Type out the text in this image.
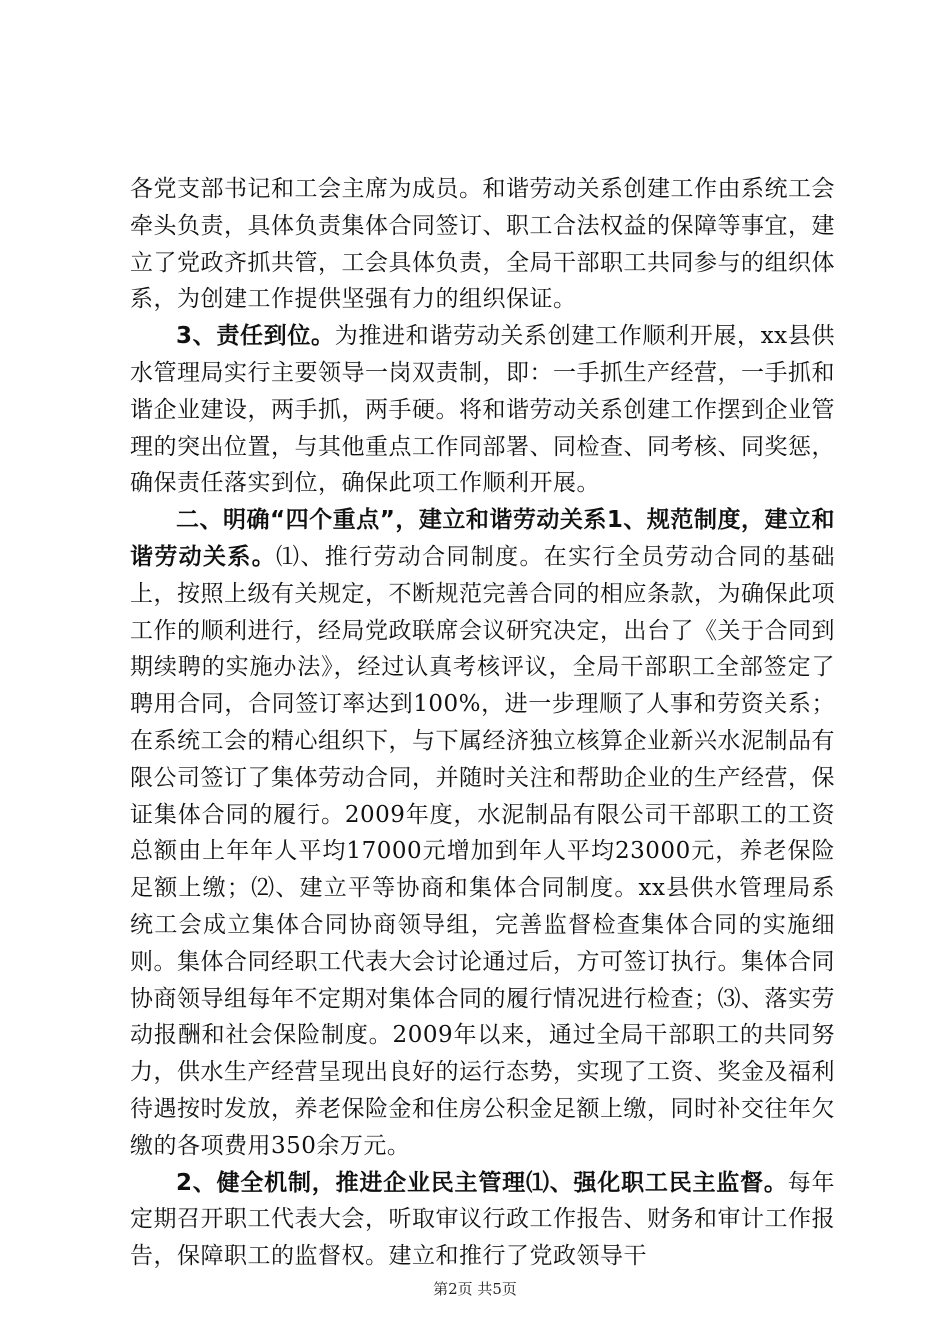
各党支部书记和工会主席为成员。和谐劳动关系创建工作由系统工会牵头负责，具体负责集体合同签订、职工合法权益的保障等事宜，建立了党政齐抓共管，工会具体负责，全局干部职工共同参与的组织体系，为创建工作提供坚强有力的组织保证。

3、责任到位。为推进和谐劳动关系创建工作顺利开展，xx县供水管理局实行主要领导一岗双责制，即：一手抓生产经营，一手抓和谐企业建设，两手抓，两手硬。将和谐劳动关系创建工作摆到企业管理的突出位置，与其他重点工作同部署、同检查、同考核、同奖惩，确保责任落实到位，确保此项工作顺利开展。

二、明确“四个重点”，建立和谐劳动关系1、规范制度，建立和谐劳动关系。⑴、推行劳动合同制度。在实行全员劳动合同的基础上，按照上级有关规定，不断规范完善合同的相应条款，为确保此项工作的顺利进行，经局党政联席会议研究决定，出台了《关于合同到期续聘的实施办法》，经过认真考核评议，全局干部职工全部签定了聘用合同，合同签订率达到100%，进一步理顺了人事和劳资关系；在系统工会的精心组织下，与下属经济独立核算企业新兴水泥制品有限公司签订了集体劳动合同，并随时关注和帮助企业的生产经营，保证集体合同的履行。2009年度，水泥制品有限公司干部职工的工资总额由上年年人平均17000元增加到年人平均23000元，养老保险足额上缴；⑵、建立平等协商和集体合同制度。xx县供水管理局系统工会成立集体合同协商领导组，完善监督检查集体合同的实施细则。集体合同经职工代表大会讨论通过后，方可签订执行。集体合同协商领导组每年不定期对集体合同的履行情况进行检查；⑶、落实劳动报酬和社会保险制度。2009年以来，通过全局干部职工的共同努力，供水生产经营呈现出良好的运行态势，实现了工资、奖金及福利待遇按时发放，养老保险金和住房公积金足额上缴，同时补交往年欠缴的各项费用350余万元。

2、健全机制，推进企业民主管理⑴、强化职工民主监督。每年定期召开职工代表大会，听取审议行政工作报告、财务和审计工作报告，保障职工的监督权。建立和推行了党政领导干

第2页 共5页
